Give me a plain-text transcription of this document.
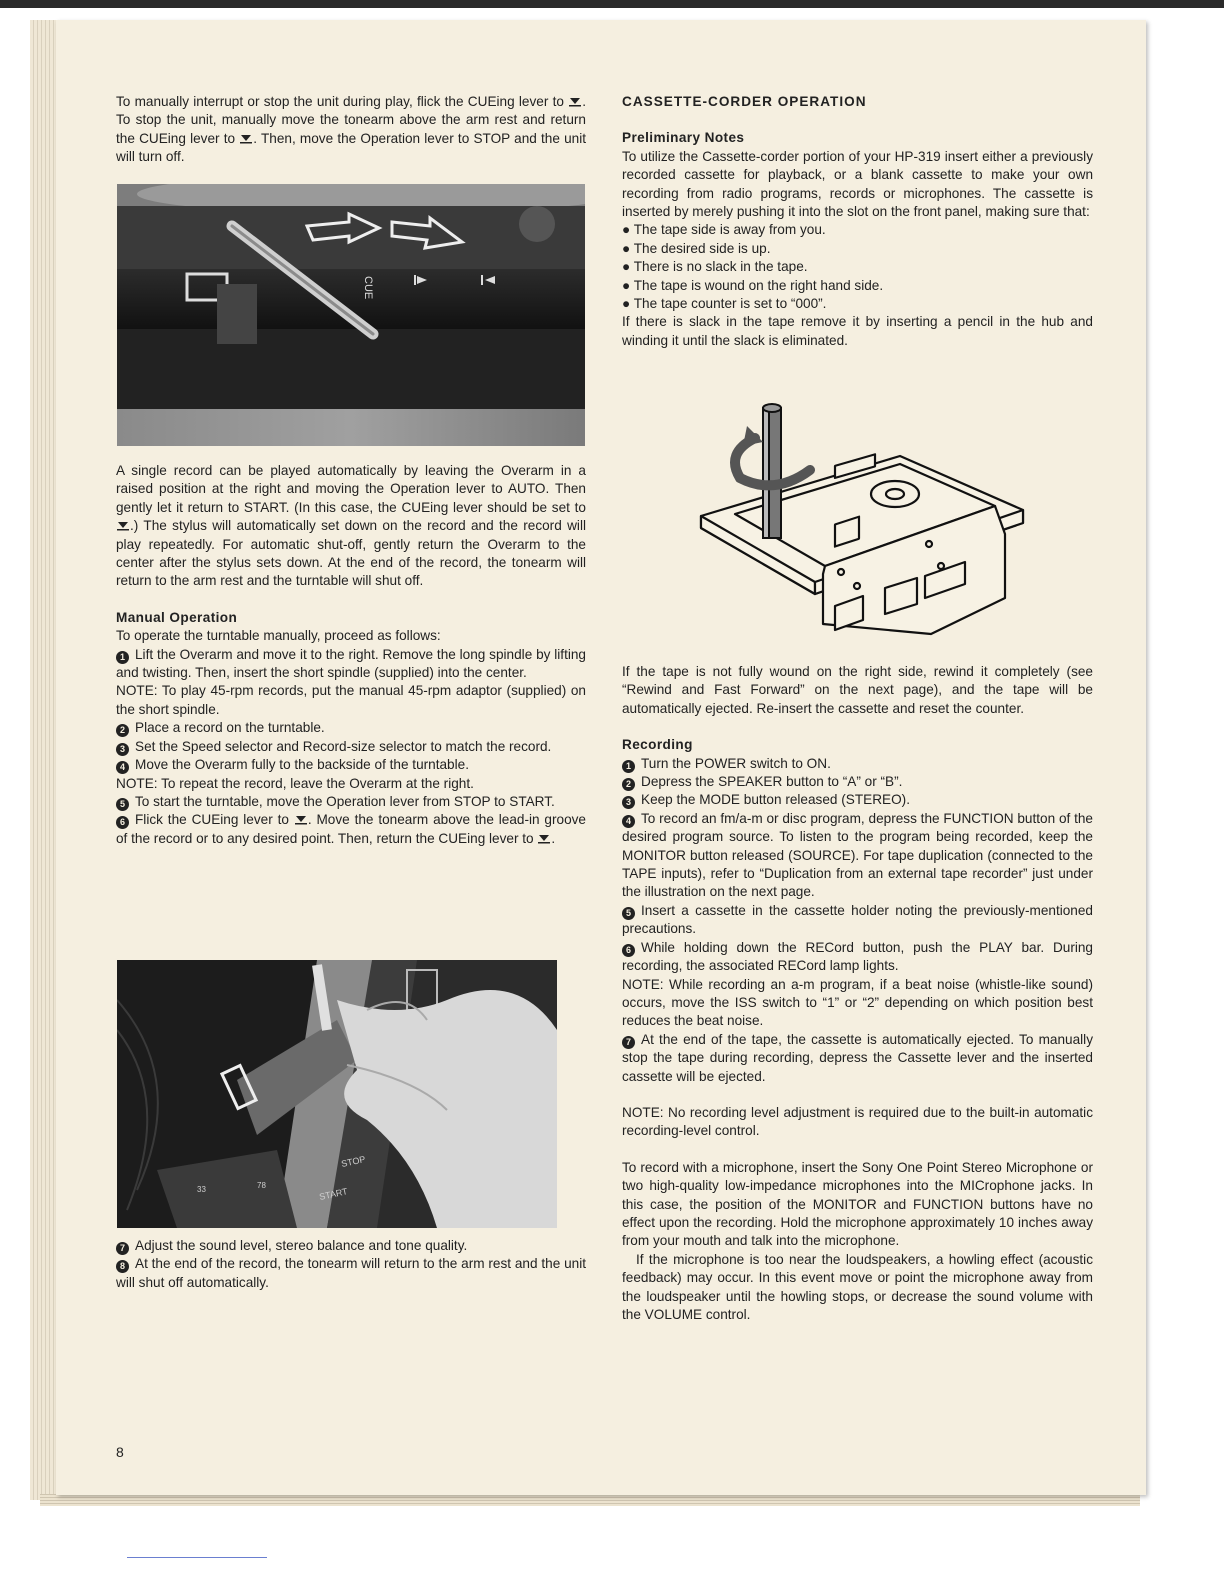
To manually interrupt or stop the unit during play, flick the CUEing lever to . To stop the unit, manually move the tonearm above the arm rest and return the CUEing lever to . Then, move the Operation lever to STOP and the unit will turn off.

CUE

A single record can be played automatically by leaving the Overarm in a raised position at the right and moving the Operation lever to AUTO. Then gently let it return to START. (In this case, the CUEing lever should be set to .) The stylus will automatically set down on the record and the record will play repeatedly. For automatic shut-off, gently return the Overarm to the center after the stylus sets down. At the end of the record, the tonearm will return to the arm rest and the turntable will shut off.

Manual Operation

To operate the turntable manually, proceed as follows:

1 Lift the Overarm and move it to the right. Remove the long spindle by lifting and twisting. Then, insert the short spindle (supplied) into the center.

NOTE: To play 45-rpm records, put the manual 45-rpm adaptor (supplied) on the short spindle.

2 Place a record on the turntable.

3 Set the Speed selector and Record-size selector to match the record.

4 Move the Overarm fully to the backside of the turntable.

NOTE: To repeat the record, leave the Overarm at the right.

5 To start the turntable, move the Operation lever from STOP to START.

6 Flick the CUEing lever to . Move the tonearm above the lead-in groove of the record or to any desired point. Then, return the CUEing lever to .

STOP
START
33	78

7 Adjust the sound level, stereo balance and tone quality.

8 At the end of the record, the tonearm will return to the arm rest and the unit will shut off automatically.

CASSETTE-CORDER OPERATION

Preliminary Notes

To utilize the Cassette-corder portion of your HP-319 insert either a previously recorded cassette for playback, or a blank cassette to make your own recording from radio programs, records or microphones. The cassette is inserted by merely pushing it into the slot on the front panel, making sure that:

● The tape side is away from you.

● The desired side is up.

● There is no slack in the tape.

● The tape is wound on the right hand side.

● The tape counter is set to “000”.

If there is slack in the tape remove it by inserting a pencil in the hub and winding it until the slack is eliminated.

If the tape is not fully wound on the right side, rewind it completely (see “Rewind and Fast Forward” on the next page), and the tape will be automatically ejected. Re-insert the cassette and reset the counter.

Recording

1 Turn the POWER switch to ON.

2 Depress the SPEAKER button to “A” or “B”.

3 Keep the MODE button released (STEREO).

4 To record an fm/a-m or disc program, depress the FUNCTION button of the desired program source. To listen to the program being recorded, keep the MONITOR button released (SOURCE). For tape duplication (connected to the TAPE inputs), refer to “Duplication from an external tape recorder” just under the illustration on the next page.

5 Insert a cassette in the cassette holder noting the previously-mentioned precautions.

6 While holding down the RECord button, push the PLAY bar. During recording, the associated RECord lamp lights.

NOTE: While recording an a-m program, if a beat noise (whistle-like sound) occurs, move the ISS switch to “1” or “2” depending on which position best reduces the beat noise.

7 At the end of the tape, the cassette is automatically ejected. To manually stop the tape during recording, depress the Cassette lever and the inserted cassette will be ejected.

NOTE: No recording level adjustment is required due to the built-in automatic recording-level control.

To record with a microphone, insert the Sony One Point Stereo Microphone or two high-quality low-impedance microphones into the MICrophone jacks. In this case, the position of the MONITOR and FUNCTION buttons have no effect upon the recording. Hold the microphone approximately 10 inches away from your mouth and talk into the microphone.

If the microphone is too near the loudspeakers, a howling effect (acoustic feedback) may occur. In this event move or point the microphone away from the loudspeaker until the howling stops, or decrease the sound volume with the VOLUME control.

8
